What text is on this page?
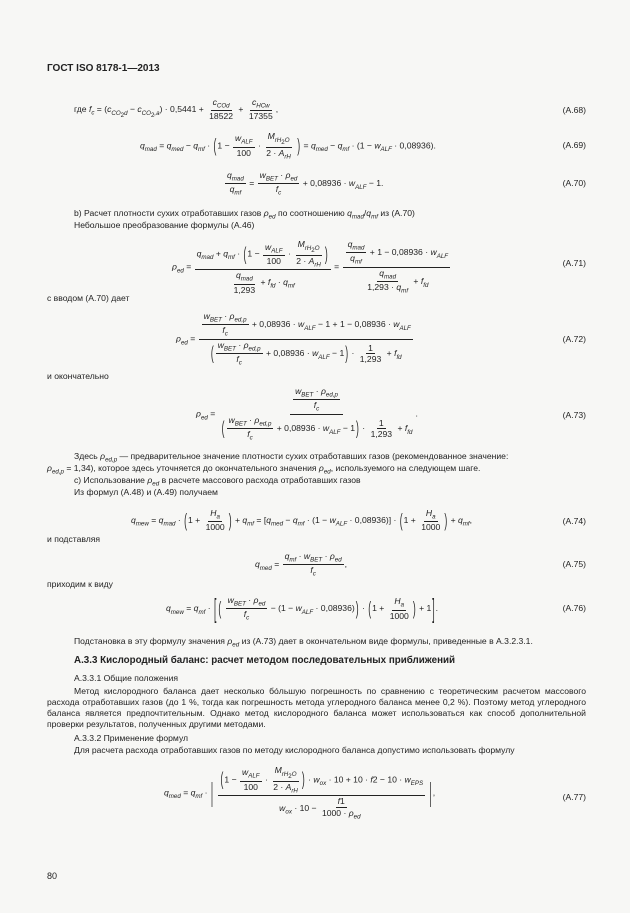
ГОСТ ISO 8178-1—2013
где $f_c = (c_{CO_2d} - c_{CO_2,a}) \cdot 0,5441 + \frac{c_{COd}}{18522} + \frac{c_{HCw}}{17355}$ ,	(A.68)
$q_{mad} = q_{med} - q_{mf} \cdot (1 - \frac{w_{ALF}}{100} \cdot \frac{M_{rH_2O}}{2 \cdot A_{rH}}$ ) = $q_{med} - q_{mf} \cdot (1 - w_{ALF} \cdot 0,08936)$.	(A.69)
$\frac{q_{mad}}{q_{mf}} = \frac{w_{BET} \cdot \rho_{ed}}{f_c} + 0,08936 \cdot w_{ALF} - 1$.	(A.70)
b) Расчет плотности сухих отработавших газов $\rho_{ed}$ по соотношению $q_{mad}/q_{mf}$ из (A.70)
Небольшое преобразование формулы (A.46)
$\rho_{ed} = \frac{q_{mad} + q_{mf} \cdot (1 - \frac{w_{ALF}}{100} \cdot \frac{M_{rH_2O}}{2 \cdot A_{rH}} )}{\frac{q_{mad}}{1,293} + f_{fd} \cdot q_{mf}} = \frac{\frac{q_{mad}}{q_{mf}} + 1 - 0,08936 \cdot w_{ALF}}{\frac{q_{mad}}{1,293 \cdot q_{mf}} + f_{fd}}$	(A.71)
с вводом (A.70) дает
$\rho_{ed} = \frac{\frac{w_{BET} \cdot \rho_{ed,p}}{f_c} + 0,08936 \cdot w_{ALF} - 1 + 1 - 0,08936 \cdot w_{ALF}}{( \frac{w_{BET} \cdot \rho_{ed,p}}{f_c} + 0,08936 \cdot w_{ALF} - 1) \cdot \frac{1}{1,293} + f_{fd}}$	(A.72)
и окончательно
$\rho_{ed} = \frac{\frac{w_{BET} \cdot \rho_{ed,p}}{f_c}}{( \frac{w_{BET} \cdot \rho_{ed,p}}{f_c} + 0,08936 \cdot w_{ALF} - 1) \cdot \frac{1}{1,293} + f_{fd}}$ .	(A.73)
Здесь $\rho_{ed,p}$ — предварительное значение плотности сухих отработавших газов (рекомендованное значение:
$\rho_{ed,p} = 1,34$), которое здесь уточняется до окончательного значения $\rho_{ed}$, используемого на следующем шаге.
c) Использование $\rho_{ed}$ в расчете массового расхода отработавших газов
Из формул (A.48) и (A.49) получаем
$q_{mew} = q_{mad} \cdot (1 + \frac{H_a}{1000}$ ) + $q_{mf} = [q_{med} - q_{mf} \cdot (1 - w_{ALF} \cdot 0,08936)] \cdot (1 + \frac{H_a}{1000}$ ) + $q_{mf}$,	(A.74)
и подставляя
$q_{med} = \frac{q_{mf} \cdot w_{BET} \cdot \rho_{ed}}{f_c}$ ,	(A.75)
приходим к виду
$q_{mew} = q_{mf}$ · [ ( $\frac{w_{BET} \cdot \rho_{ed}}{f_c} - (1 - w_{ALF} \cdot 0,08936)) \cdot (1 + \frac{H_a}{1000}$ ) + 1].	(A.76)
Подстановка в эту формулу значения $\rho_{ed}$ из (A.73) дает в окончательном виде формулы, приведенные в A.3.2.3.1.
A.3.3 Кислородный баланс: расчет методом последовательных приближений
A.3.3.1 Общие положения
Метод кислородного баланса дает несколько бóльшую погрешность по сравнению с теоретическим расчетом массового расхода отработавших газов (до 1 %, тогда как погрешность метода углеродного баланса менее 0,2 %). Поэтому метод углеродного баланса является предпочтительным. Однако метод кислородного баланса может использоваться как способ дополнительной проверки результатов, полученных другими методами.
A.3.3.2 Применение формул
Для расчета расхода отработавших газов по методу кислородного баланса допустимо использовать формулу
$q_{med} = q_{mf}$ · | ($1 - \frac{w_{ALF}}{100} \cdot \frac{M_{rH_2O}}{2 \cdot A_{rH}}$ ) · $w_{ox} \cdot 10 + 10 \cdot f2 - 10 \cdot w_{EPS}$
$w_{ox} \cdot 10 - \frac{f1}{1000 \cdot \rho_{ed}}$
|,	(A.77)
80
